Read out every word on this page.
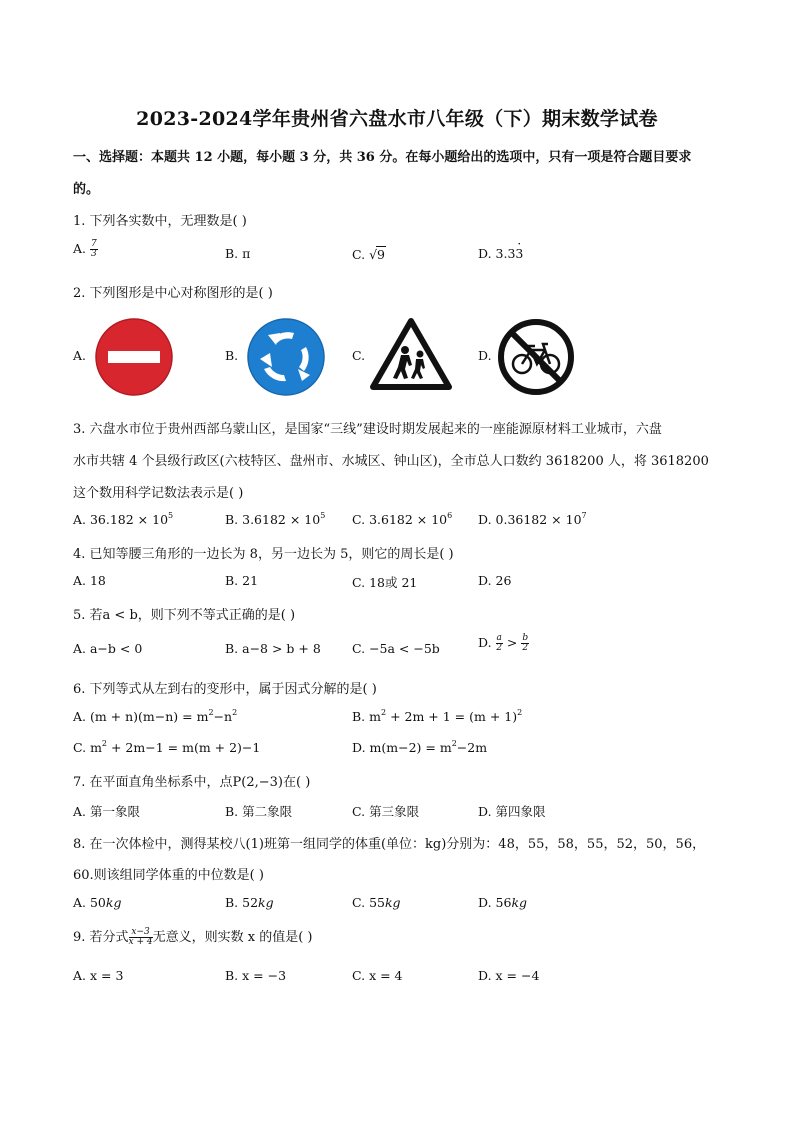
2023-2024学年贵州省六盘水市八年级（下）期末数学试卷
一、选择题：本题共 12 小题，每小题 3 分，共 36 分。在每小题给出的选项中，只有一项是符合题目要求
的。
1. 下列各实数中，无理数是( )
A. $\frac{7}{3}$	B. π	C. √9	D. 3.33 ·
2. 下列图形是中心对称图形的是( )
A.	B.	C.	D.
3. 六盘水市位于贵州西部乌蒙山区，是国家“三线”建设时期发展起来的一座能源原材料工业城市，六盘
水市共辖 4 个县级行政区(六枝特区、盘州市、水城区、钟山区)，全市总人口数约 3618200 人，将 3618200
这个数用科学记数法表示是( )
A. $36.182 \times 10^5$	B. $3.6182 \times 10^5$ C. $3.6182 \times 10^6$ D. $0.36182 \times 10^7$
4. 已知等腰三角形的一边长为 8，另一边长为 5，则它的周长是( )
A. 18	B. 21	C. 18或 21	D. 26
5. 若a < b，则下列不等式正确的是( )
A. a−b < 0	B. a−8 > b + 8 C. −5a < −5b	D. $\frac{a}{2} > \frac{b}{2}$
6. 下列等式从左到右的变形中，属于因式分解的是( )
A. $(m + n)(m-n) = m^2-n^2$	B. $m^2 + 2m + 1 = (m + 1)^2$
C. $m^2 + 2m-1 = m(m + 2)-1$	D. $m(m-2) = m^2-2m$
7. 在平面直角坐标系中，点P(2,−3)在( )
A. 第一象限	B. 第二象限	C. 第三象限	D. 第四象限
8. 在一次体检中，测得某校八(1)班第一组同学的体重(单位：kg)分别为：48，55，58，55，52，50，56，
60.则该组同学体重的中位数是( )
A. 50kg	B. 52kg	C. 55kg	D. 56kg
9. 若分式 $\frac{x-3}{x + 4}$ 无意义，则实数 x 的值是( )
A. x = 3	B. x = −3	C. x = 4	D. x = −4
